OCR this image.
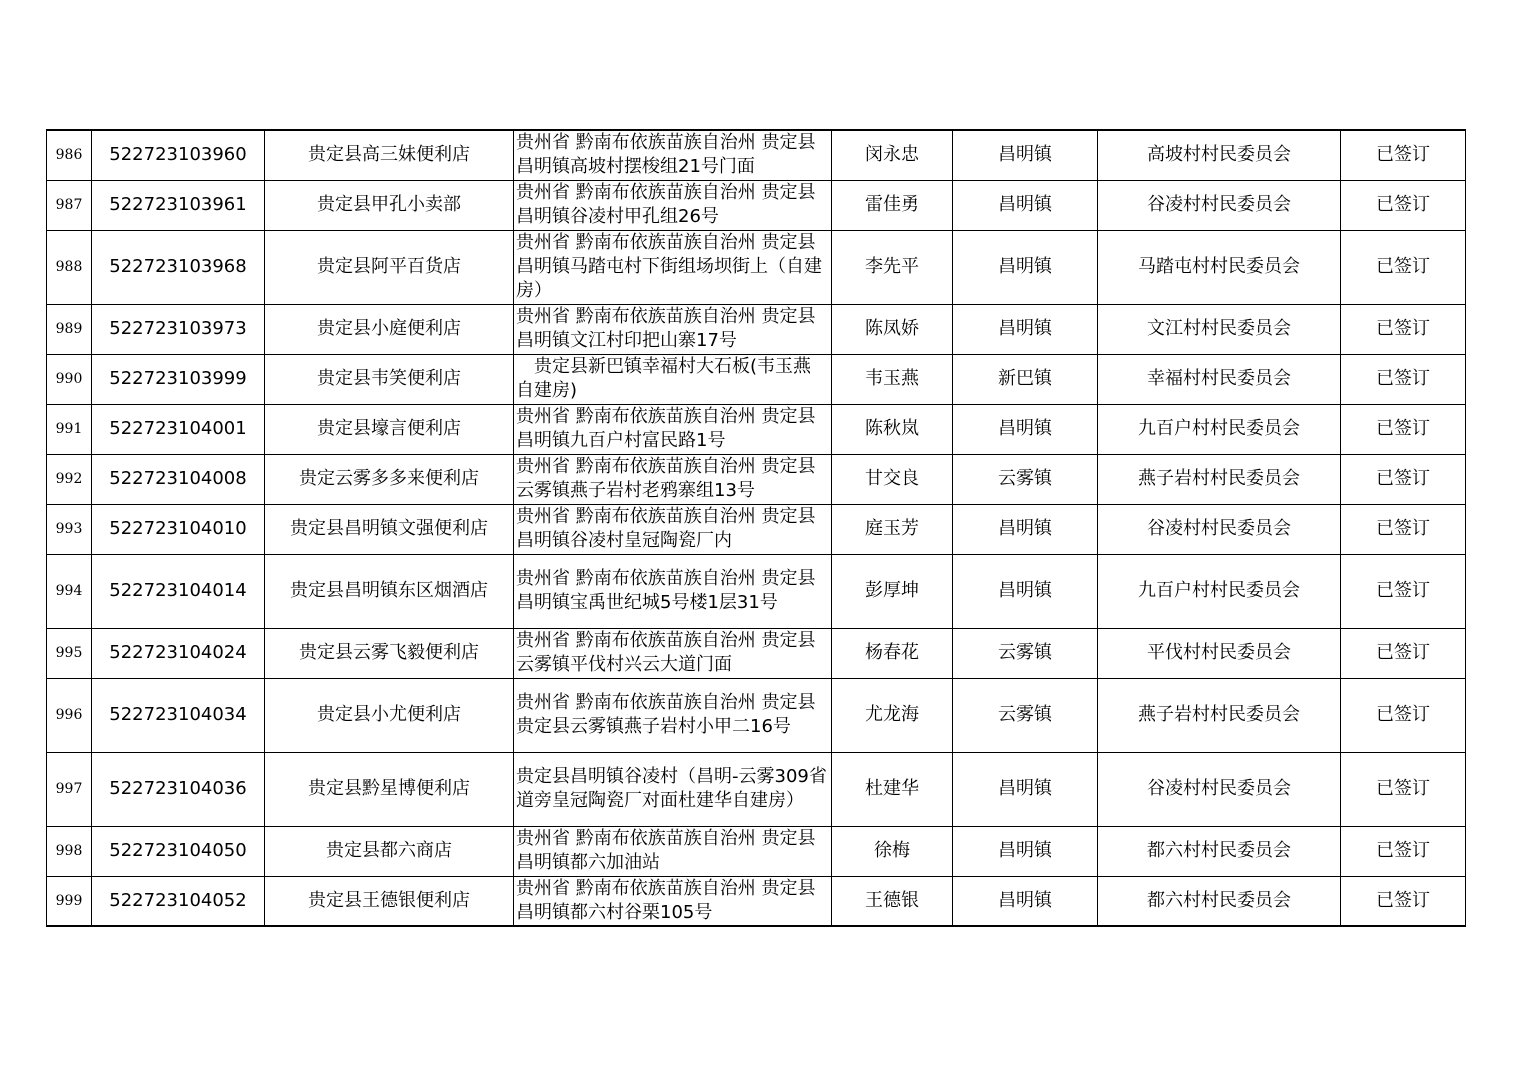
986	522723103960	贵定县高三妹便利店	贵州省 黔南布依族苗族自治州 贵定县昌明镇高坡村摆梭组21号门面	闵永忠	昌明镇	高坡村村民委员会	已签订
987	522723103961	贵定县甲孔小卖部	贵州省 黔南布依族苗族自治州 贵定县昌明镇谷凌村甲孔组26号	雷佳勇	昌明镇	谷凌村村民委员会	已签订
988	522723103968	贵定县阿平百货店	贵州省 黔南布依族苗族自治州 贵定县昌明镇马踏屯村下街组场坝街上（自建房）	李先平	昌明镇	马踏屯村村民委员会	已签订
989	522723103973	贵定县小庭便利店	贵州省 黔南布依族苗族自治州 贵定县昌明镇文江村印把山寨17号	陈凤娇	昌明镇	文江村村民委员会	已签订
990	522723103999	贵定县韦笑便利店	　贵定县新巴镇幸福村大石板(韦玉燕自建房)	韦玉燕	新巴镇	幸福村村民委员会	已签订
991	522723104001	贵定县壕言便利店	贵州省 黔南布依族苗族自治州 贵定县昌明镇九百户村富民路1号	陈秋岚	昌明镇	九百户村村民委员会	已签订
992	522723104008	贵定云雾多多来便利店	贵州省 黔南布依族苗族自治州 贵定县云雾镇燕子岩村老鸦寨组13号	甘交良	云雾镇	燕子岩村村民委员会	已签订
993	522723104010	贵定县昌明镇文强便利店	贵州省 黔南布依族苗族自治州 贵定县昌明镇谷凌村皇冠陶瓷厂内	庭玉芳	昌明镇	谷凌村村民委员会	已签订
994	522723104014	贵定县昌明镇东区烟酒店	贵州省 黔南布依族苗族自治州 贵定县昌明镇宝禹世纪城5号楼1层31号	彭厚坤	昌明镇	九百户村村民委员会	已签订
995	522723104024	贵定县云雾飞毅便利店	贵州省 黔南布依族苗族自治州 贵定县云雾镇平伐村兴云大道门面	杨春花	云雾镇	平伐村村民委员会	已签订
996	522723104034	贵定县小尤便利店	贵州省 黔南布依族苗族自治州 贵定县贵定县云雾镇燕子岩村小甲二16号	尤龙海	云雾镇	燕子岩村村民委员会	已签订
997	522723104036	贵定县黔星博便利店	贵定县昌明镇谷凌村（昌明-云雾309省道旁皇冠陶瓷厂对面杜建华自建房）	杜建华	昌明镇	谷凌村村民委员会	已签订
998	522723104050	贵定县都六商店	贵州省 黔南布依族苗族自治州 贵定县昌明镇都六加油站	徐梅	昌明镇	都六村村民委员会	已签订
999	522723104052	贵定县王德银便利店	贵州省 黔南布依族苗族自治州 贵定县昌明镇都六村谷栗105号	王德银	昌明镇	都六村村民委员会	已签订
